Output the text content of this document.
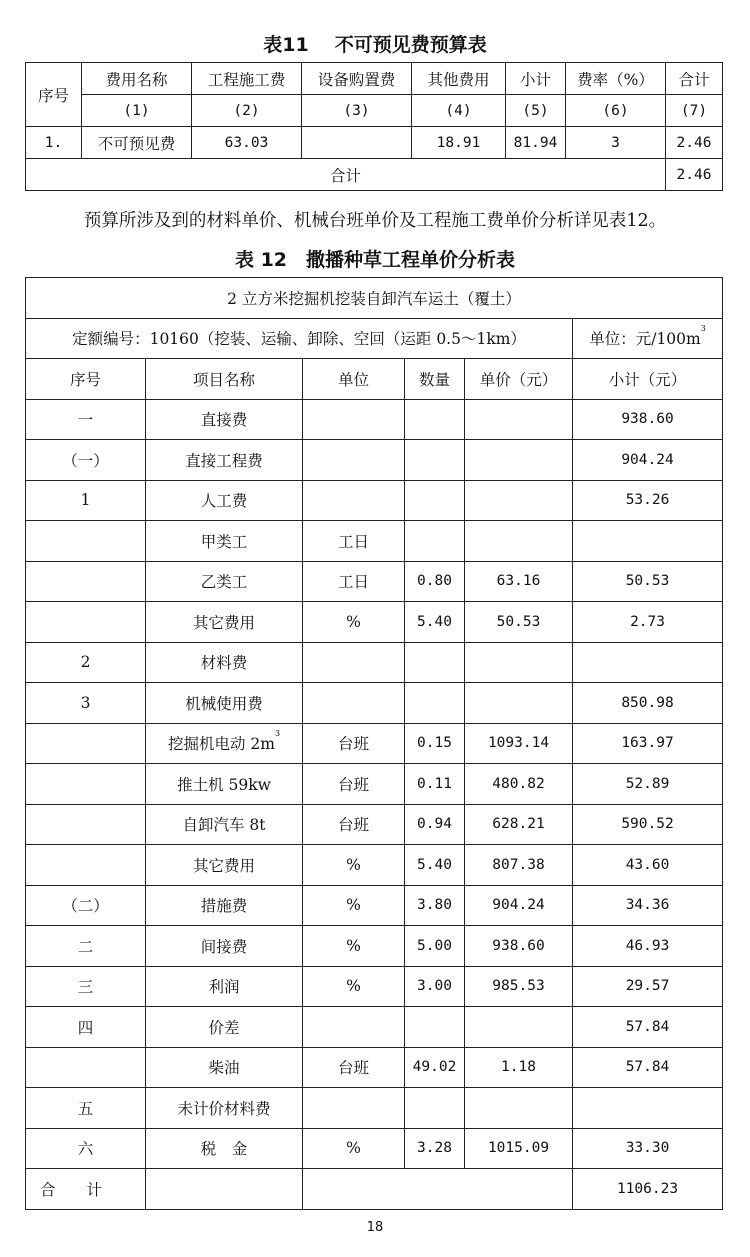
表11 不可预见费预算表
序号	费用名称	工程施工费	设备购置费	其他费用	小计	费率（%）	合计
	(1)	(2)	(3)	(4)	(5)	(6)	(7)
1.	不可预见费	63.03		18.91	81.94	3	2.46
合计							2.46
预算所涉及到的材料单价、机械台班单价及工程施工费单价分析详见表12。
表 12　撒播种草工程单价分析表
2 立方米挖掘机挖装自卸汽车运土（覆土）					
定额编号：10160（挖装、运输、卸除、空回（运距 0.5～1km）					单位：元$/100m^3$
序号	项目名称	单位	数量	单价（元）	小计（元）
一	直接费				938.60
（一）	直接工程费				904.24
1	人工费				53.26
	甲类工	工日			
	乙类工	工日	0.80	63.16	50.53
	其它费用	%	5.40	50.53	2.73
2	材料费				
3	机械使用费				850.98
	挖掘机电动 $2m^3$	台班	0.15	1093.14	163.97
	推土机 59kw	台班	0.11	480.82	52.89
	自卸汽车 8t	台班	0.94	628.21	590.52
	其它费用	%	5.40	807.38	43.60
（二）	措施费	%	3.80	904.24	34.36
二	间接费	%	5.00	938.60	46.93
三	利润	%	3.00	985.53	29.57
四	价差				57.84
	柴油	台班	49.02	1.18	57.84
五	未计价材料费				
六	税　金	%	3.28	1015.09	33.30
合　　计					1106.23
18
